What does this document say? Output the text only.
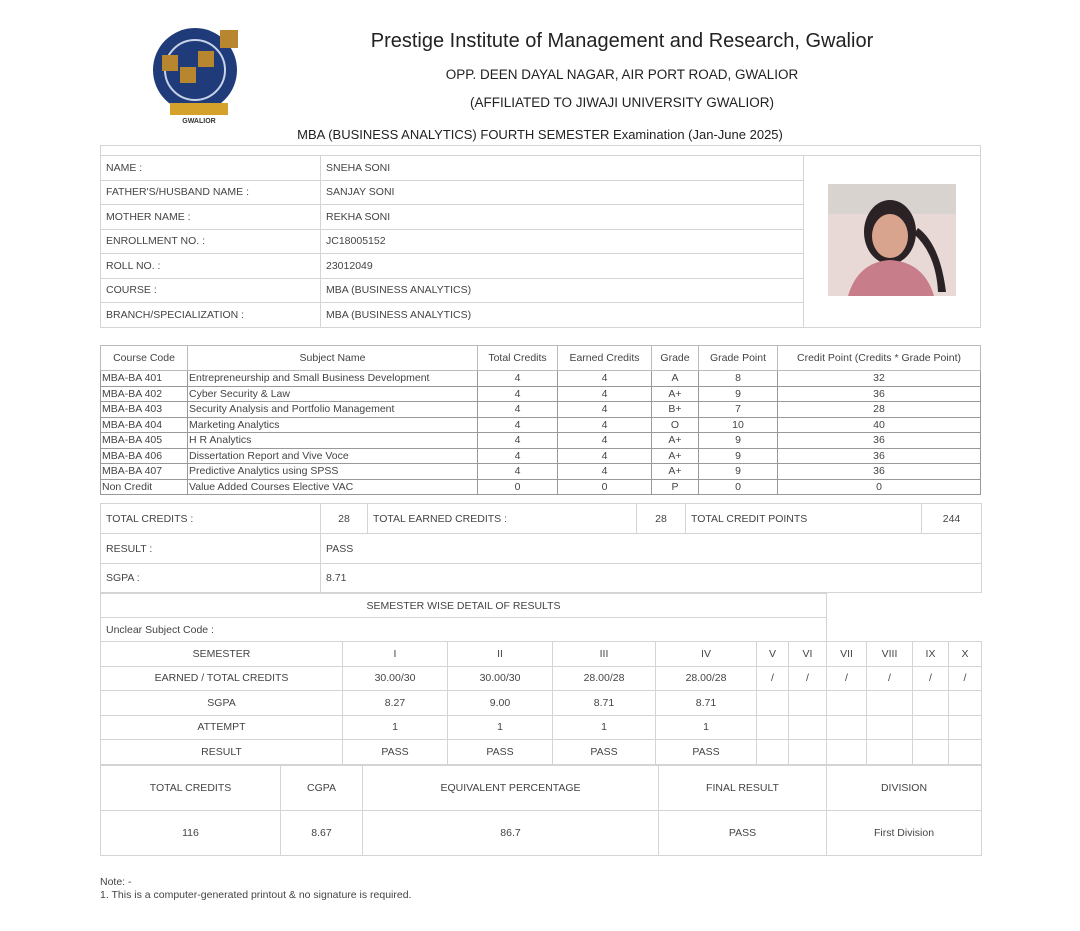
GWALIOR
Prestige Institute of Management and Research, Gwalior
OPP. DEEN DAYAL NAGAR, AIR PORT ROAD, GWALIOR
(AFFILIATED TO JIWAJI UNIVERSITY GWALIOR)
MBA (BUSINESS ANALYTICS) FOURTH SEMESTER Examination (Jan-June 2025)

NAME :	SNEHA SONI	
FATHER'S/HUSBAND NAME :	SANJAY SONI	
MOTHER NAME :	REKHA SONI	
ENROLLMENT NO. :	JC18005152	
ROLL NO. :	23012049	
COURSE :	MBA (BUSINESS ANALYTICS)	
BRANCH/SPECIALIZATION :	MBA (BUSINESS ANALYTICS)	
Course Code	Subject Name	Total Credits	Earned Credits	Grade	Grade Point	Credit Point (Credits * Grade Point)
MBA-BA 401	Entrepreneurship and Small Business Development	4	4	A	8	32
MBA-BA 402	Cyber Security & Law	4	4	A+	9	36
MBA-BA 403	Security Analysis and Portfolio Management	4	4	B+	7	28
MBA-BA 404	Marketing Analytics	4	4	O	10	40
MBA-BA 405	H R Analytics	4	4	A+	9	36
MBA-BA 406	Dissertation Report and Vive Voce	4	4	A+	9	36
MBA-BA 407	Predictive Analytics using SPSS	4	4	A+	9	36
Non Credit	Value Added Courses Elective VAC	0	0	P	0	0
TOTAL CREDITS :	28	TOTAL EARNED CREDITS :	28	TOTAL CREDIT POINTS	244
RESULT :	PASS				
SGPA :	8.71				
SEMESTER WISE DETAIL OF RESULTS										
Unclear Subject Code :										
SEMESTER	I	II	III	IV	V	VI	VII	VIII	IX	X
EARNED / TOTAL CREDITS	30.00/30	30.00/30	28.00/28	28.00/28	/	/	/	/	/	/
SGPA	8.27	9.00	8.71	8.71						
ATTEMPT	1	1	1	1						
RESULT	PASS	PASS	PASS	PASS						
TOTAL CREDITS	CGPA	EQUIVALENT PERCENTAGE	FINAL RESULT	DIVISION
116	8.67	86.7	PASS	First Division
Note: -
1. This is a computer-generated printout & no signature is required.
